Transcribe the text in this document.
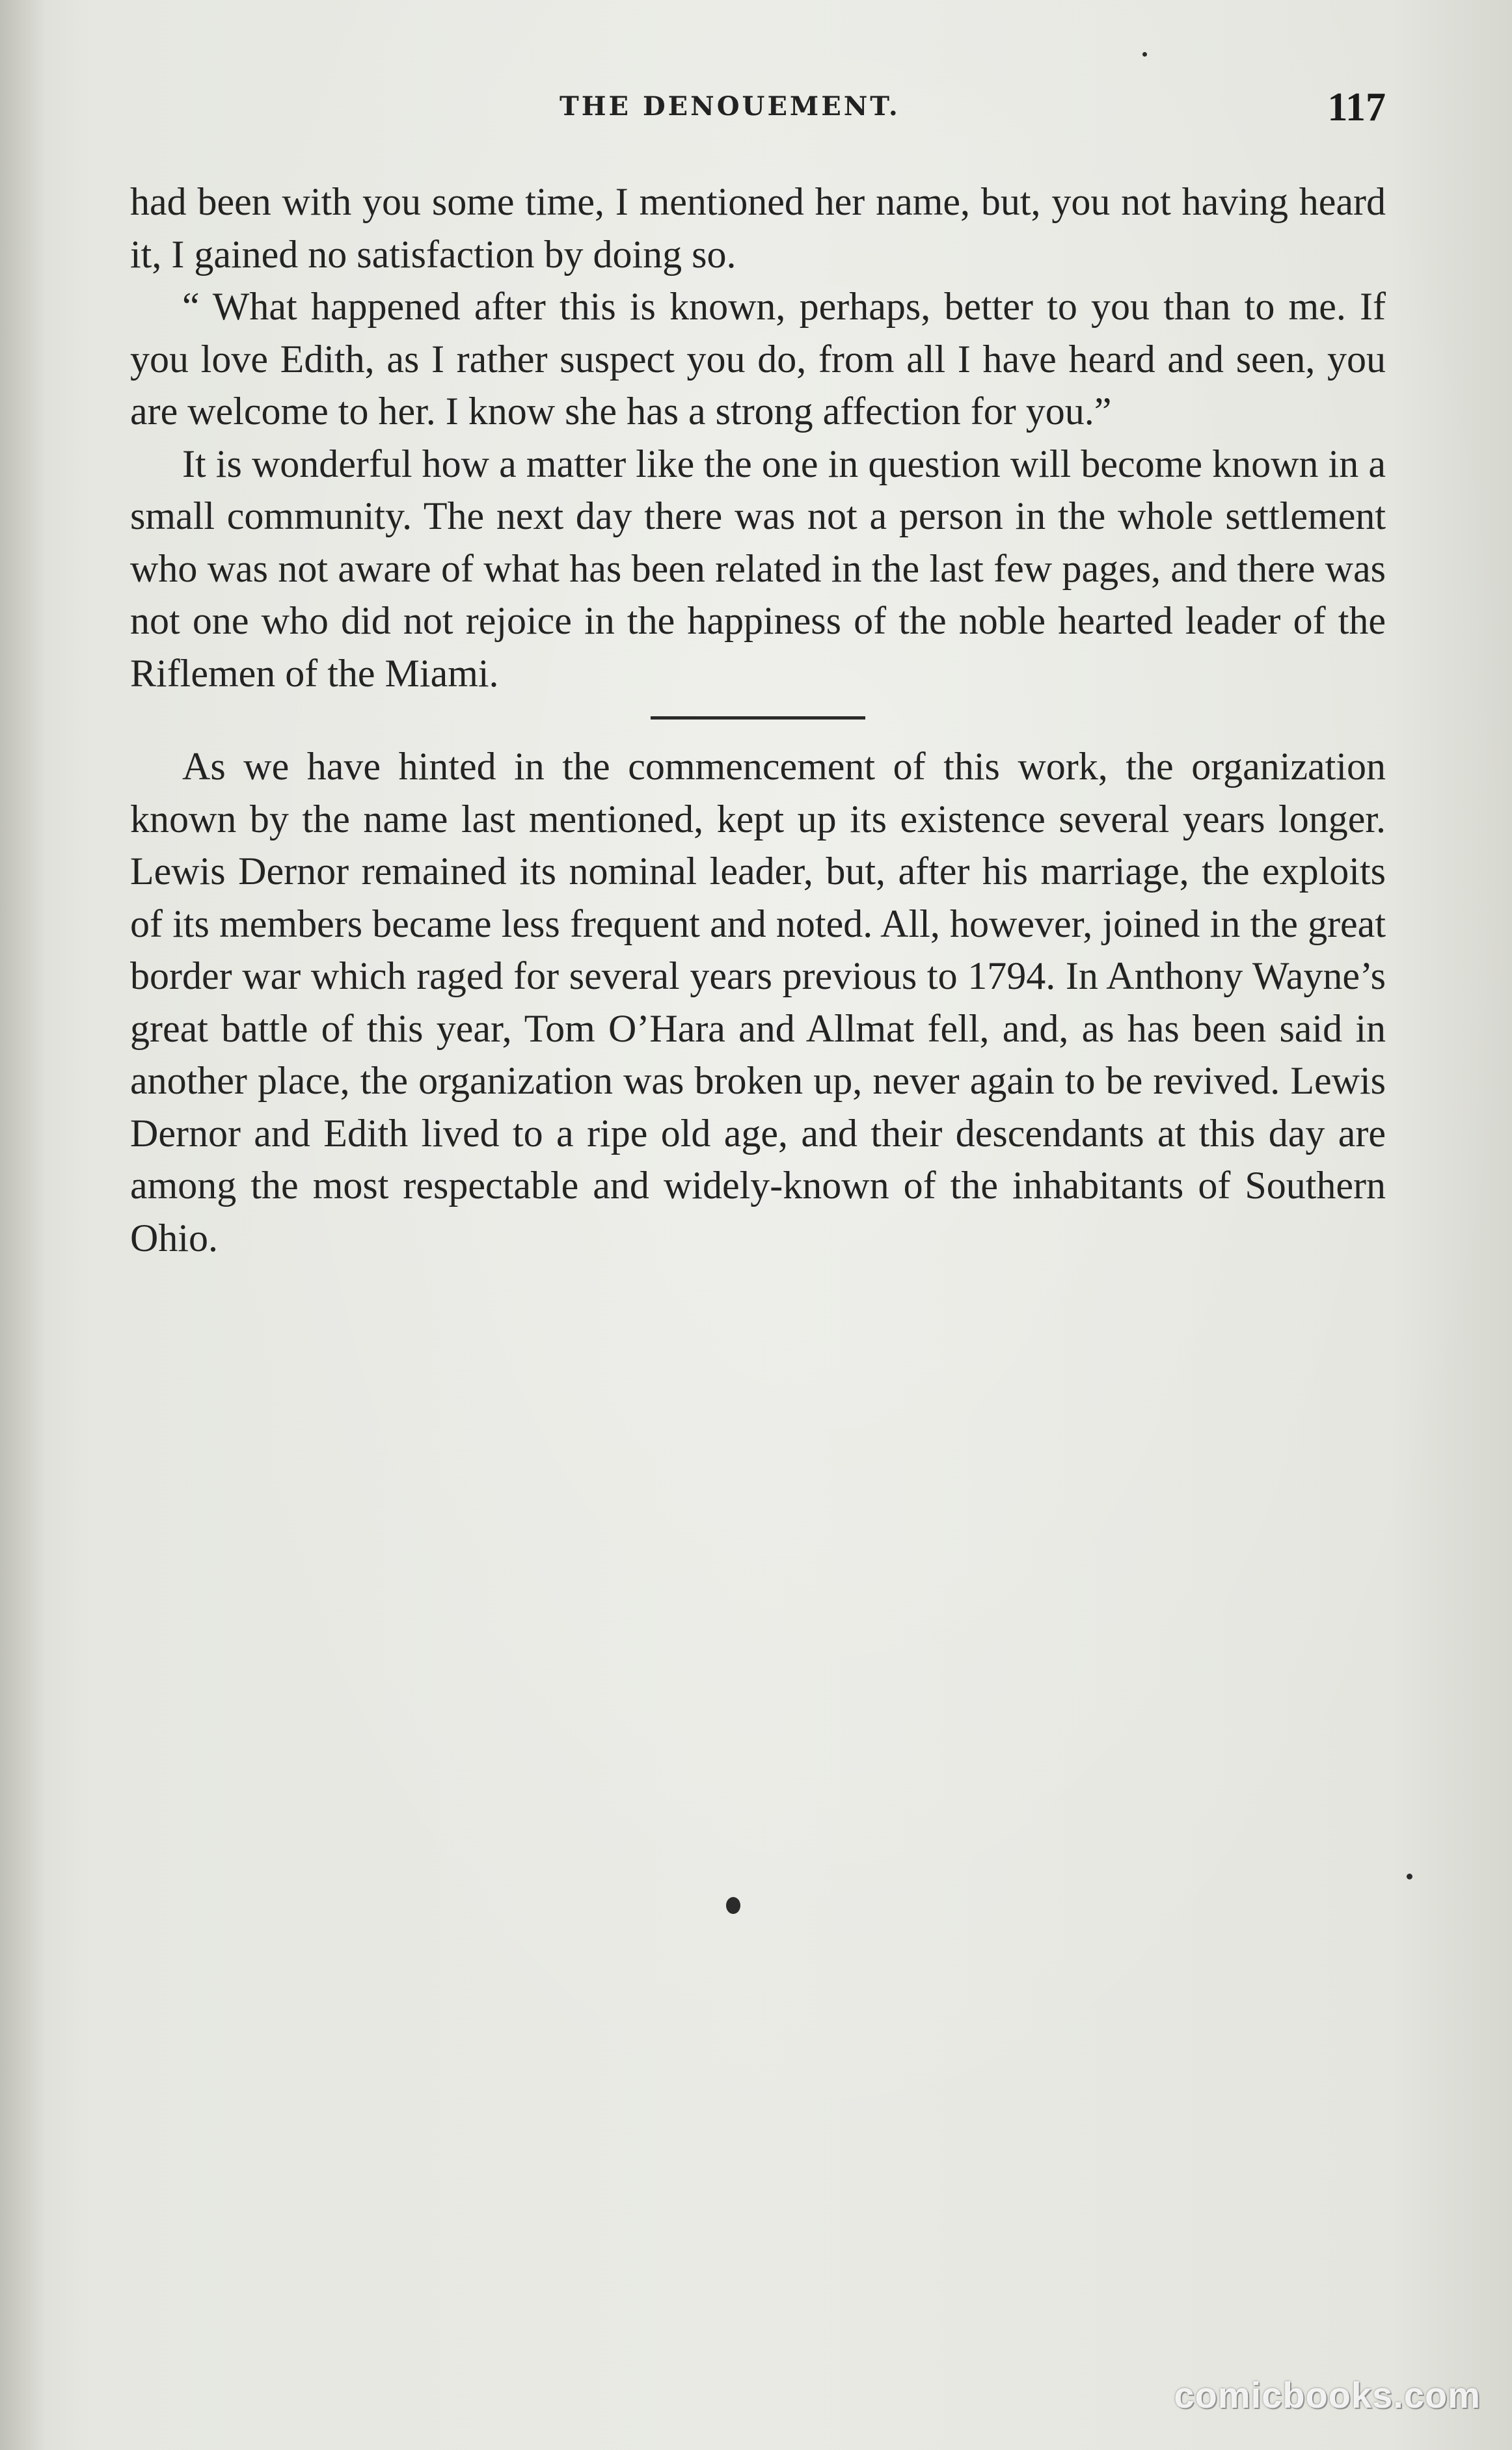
THE DENOUEMENT.	117

had been with you some time, I mentioned her name, but, you not having heard it, I gained no satisfaction by doing so.

“ What happened after this is known, perhaps, better to you than to me. If you love Edith, as I rather suspect you do, from all I have heard and seen, you are welcome to her. I know she has a strong affection for you.”

It is wonderful how a matter like the one in question will become known in a small community. The next day there was not a person in the whole settlement who was not aware of what has been related in the last few pages, and there was not one who did not rejoice in the happiness of the noble hearted leader of the Riflemen of the Miami.

As we have hinted in the commencement of this work, the organization known by the name last mentioned, kept up its existence several years longer. Lewis Dernor remained its nominal leader, but, after his marriage, the exploits of its members became less frequent and noted. All, however, joined in the great border war which raged for several years previous to 1794. In Anthony Wayne’s great battle of this year, Tom O’Hara and Allmat fell, and, as has been said in another place, the organization was broken up, never again to be revived. Lewis Dernor and Edith lived to a ripe old age, and their descendants at this day are among the most respectable and widely-known of the inhabitants of Southern Ohio.

comicbooks.com
